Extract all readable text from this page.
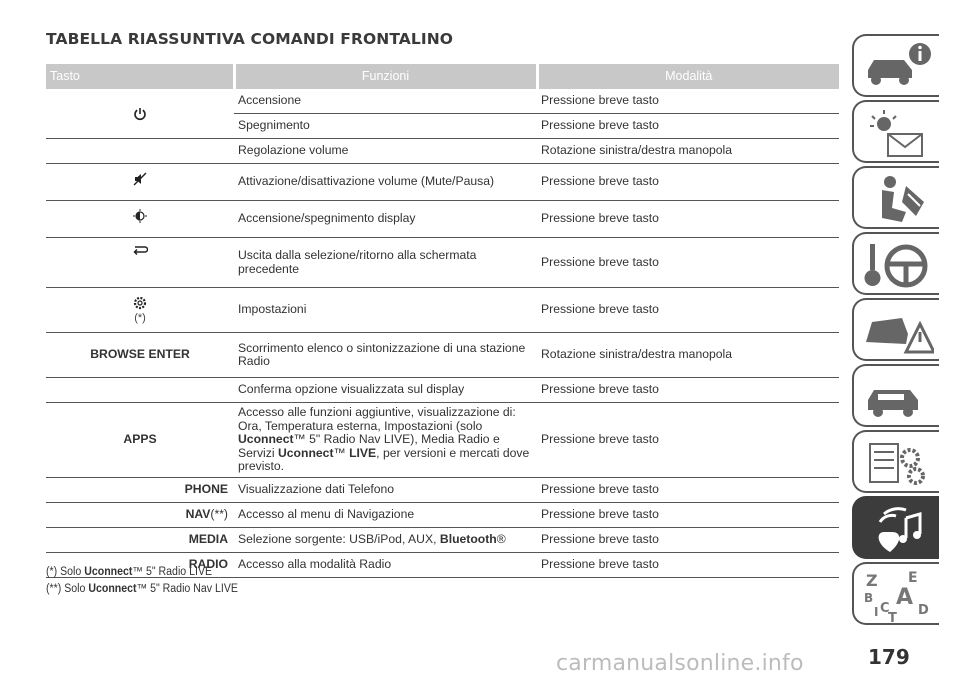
TABELLA RIASSUNTIVA COMANDI FRONTALINO
Tasto	Funzioni	Modalità

	Accensione	Pressione breve tasto
	Spegnimento	Pressione breve tasto
	Regolazione volume	Rotazione sinistra/destra manopola

	Attivazione/disattivazione volume (Mute/Pausa)	Pressione breve tasto

	Accensione/spegnimento display	Pressione breve tasto

	Uscita dalla selezione/ritorno alla schermata precedente	Pressione breve tasto

(*)	Impostazioni	Pressione breve tasto
BROWSE ENTER	Scorrimento elenco o sintonizzazione di una stazione Radio	Rotazione sinistra/destra manopola
	Conferma opzione visualizzata sul display	Pressione breve tasto
APPS	Accesso alle funzioni aggiuntive, visualizzazione di: Ora, Temperatura esterna, Impostazioni (solo Uconnect™ 5" Radio Nav LIVE), Media Radio e Servizi Uconnect™ LIVE, per versioni e mercati dove previsto.	Pressione breve tasto
PHONE	Visualizzazione dati Telefono	Pressione breve tasto
NAV(**)	Accesso al menu di Navigazione	Pressione breve tasto
MEDIA	Selezione sorgente: USB/iPod, AUX, Bluetooth®	Pressione breve tasto
RADIO	Accesso alla modalità Radio	Pressione breve tasto
(*) Solo Uconnect™ 5" Radio LIVE
(**) Solo Uconnect™ 5" Radio Nav LIVE	Z E
B A
C D
T
I
carmanualsonline.info	179
